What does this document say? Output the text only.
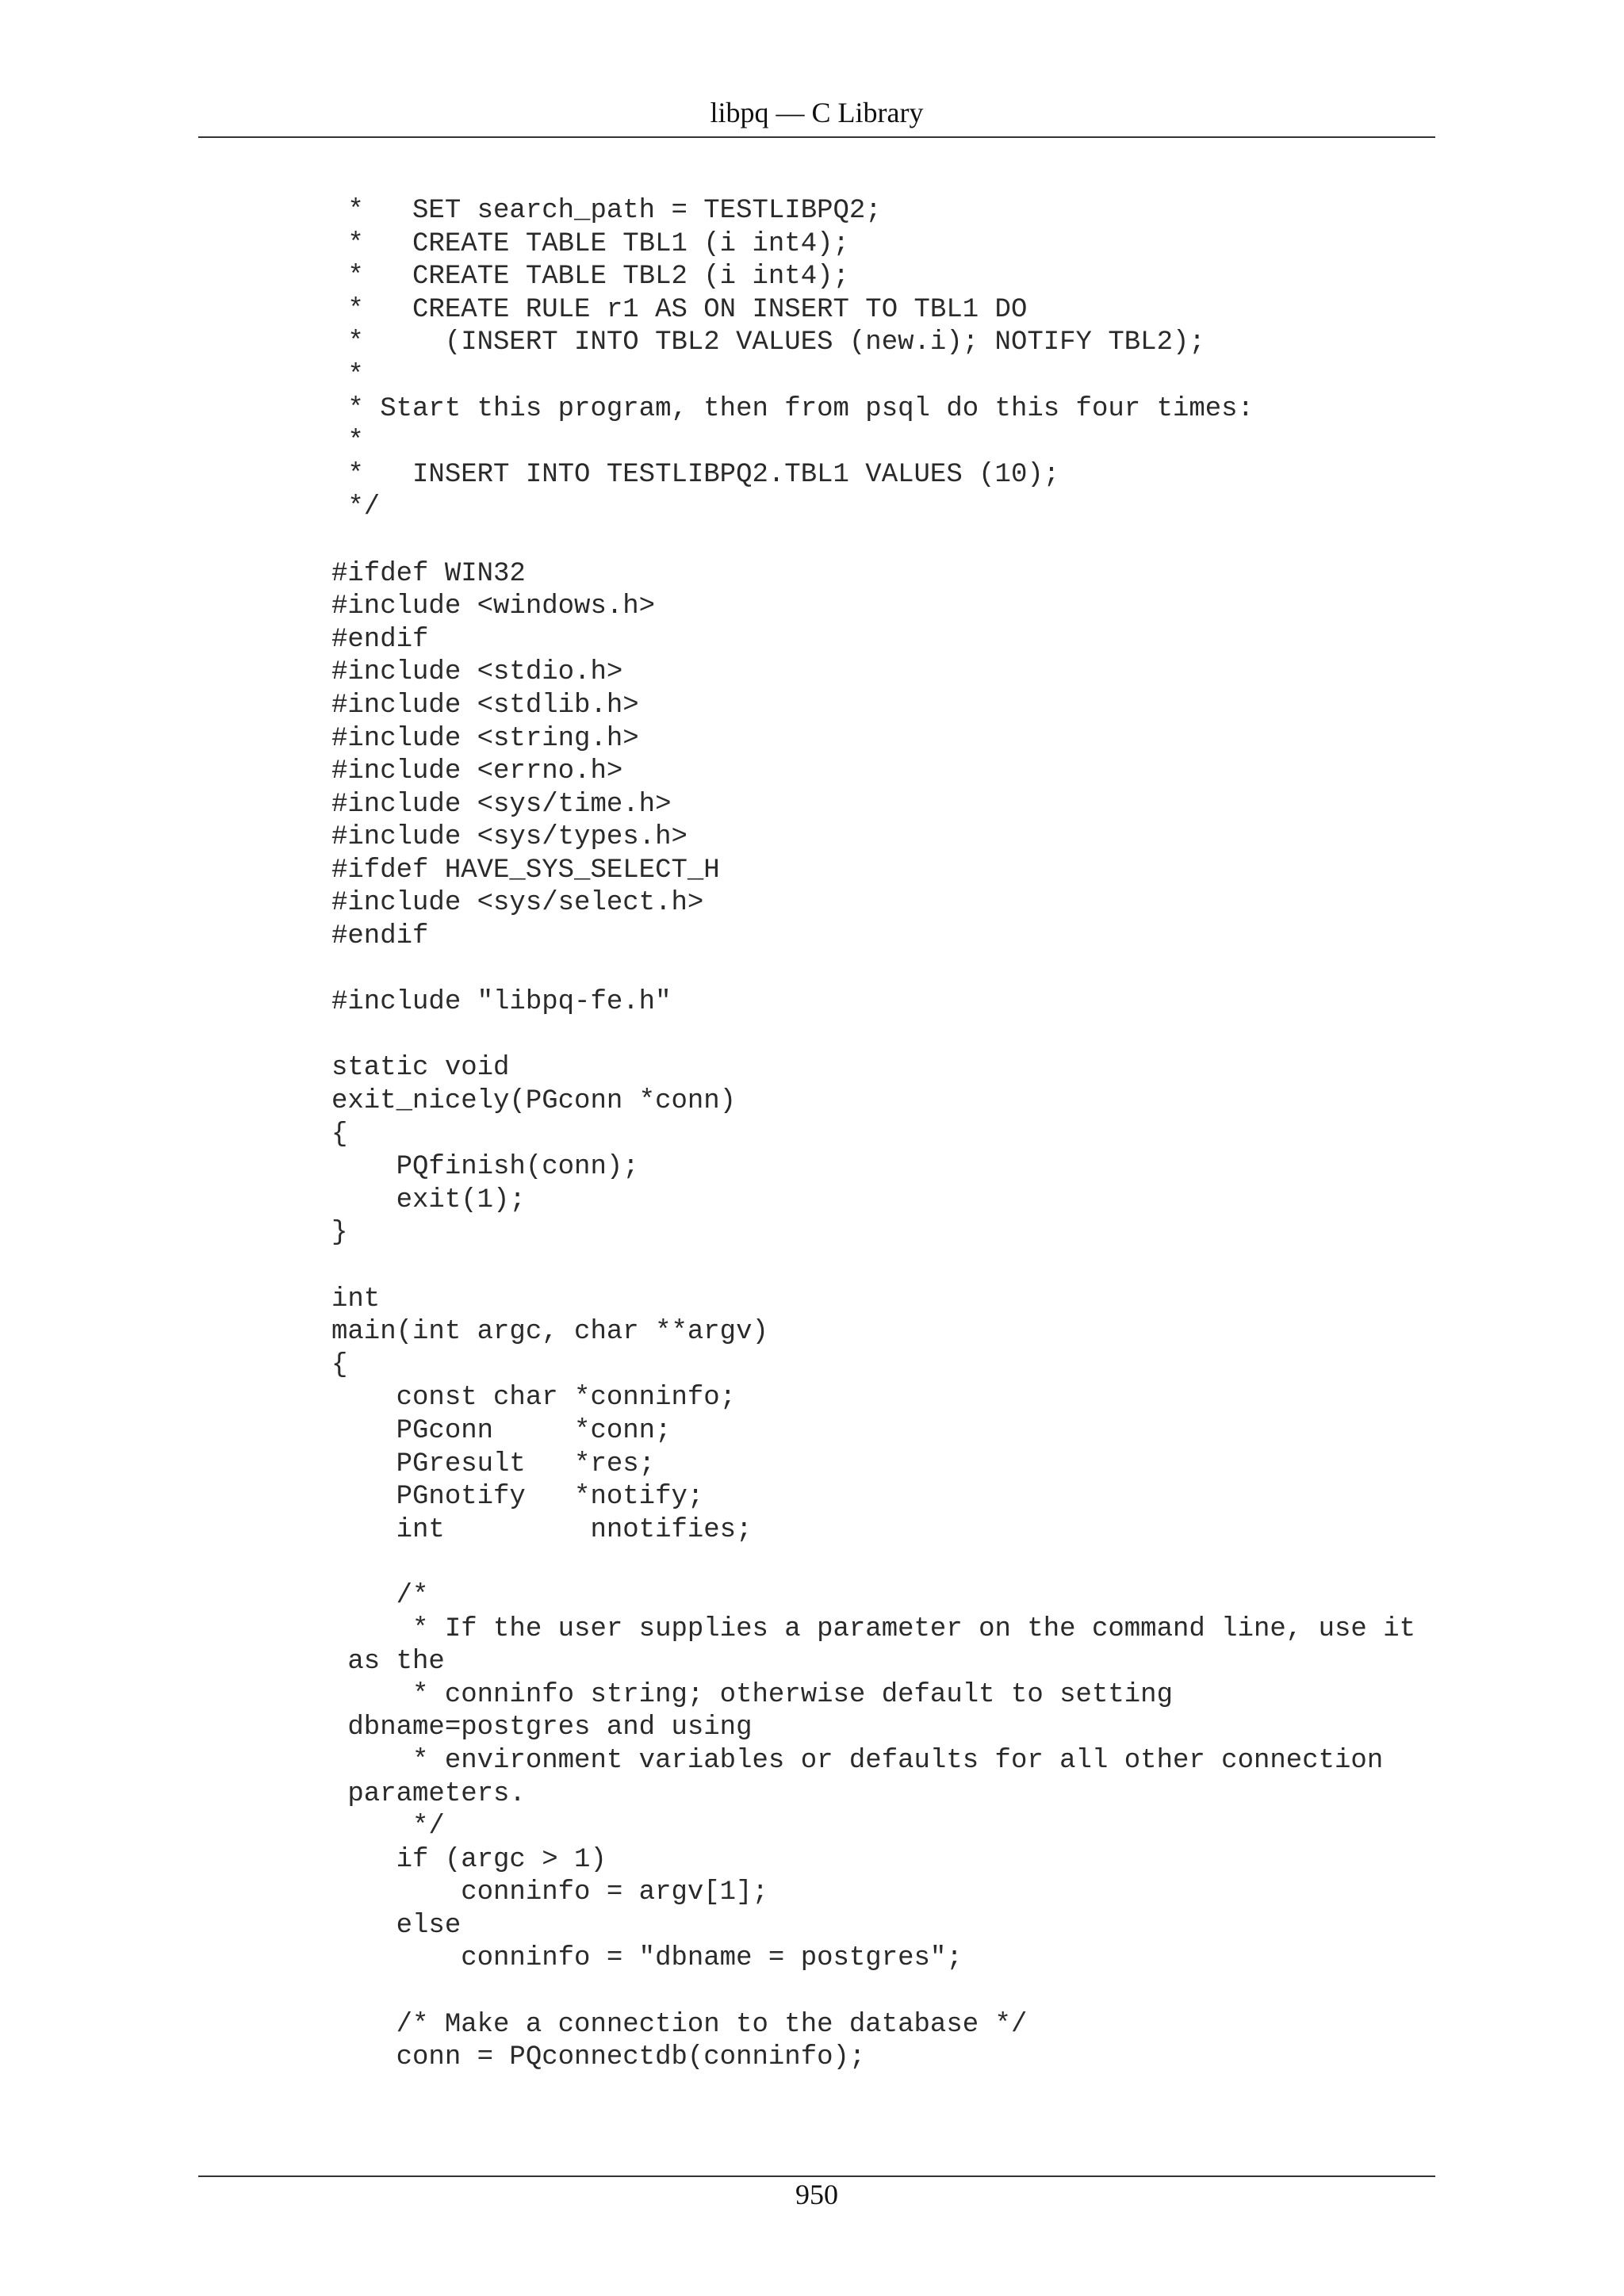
libpq — C Library
*   SET search_path = TESTLIBPQ2;
*   CREATE TABLE TBL1 (i int4);
*   CREATE TABLE TBL2 (i int4);
*   CREATE RULE r1 AS ON INSERT TO TBL1 DO
*     (INSERT INTO TBL2 VALUES (new.i); NOTIFY TBL2);
*
* Start this program, then from psql do this four times:
*
*   INSERT INTO TESTLIBPQ2.TBL1 VALUES (10);
*/
#ifdef WIN32
#include <windows.h>
#endif
#include <stdio.h>
#include <stdlib.h>
#include <string.h>
#include <errno.h>
#include <sys/time.h>
#include <sys/types.h>
#ifdef HAVE_SYS_SELECT_H
#include <sys/select.h>
#endif
#include "libpq-fe.h"
static void
exit_nicely(PGconn *conn)
{
PQfinish(conn);
exit(1);
}
int
main(int argc, char **argv)
{
const char *conninfo;
PGconn     *conn;
PGresult   *res;
PGnotify   *notify;
int         nnotifies;
/*
* If the user supplies a parameter on the command line, use it
as the
* conninfo string; otherwise default to setting
dbname=postgres and using
* environment variables or defaults for all other connection
parameters.
*/
if (argc > 1)
conninfo = argv[1];
else
conninfo = "dbname = postgres";
/* Make a connection to the database */
conn = PQconnectdb(conninfo);
950
